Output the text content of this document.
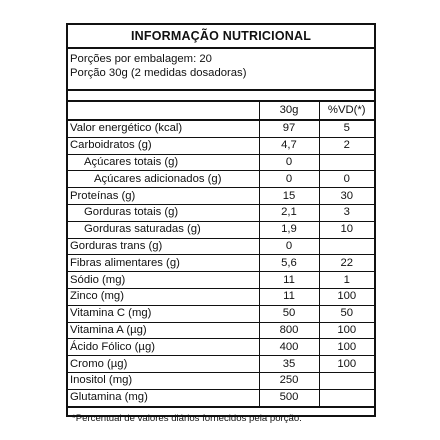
INFORMAÇÃO NUTRICIONAL
Porções por embalagem: 20
Porção 30g (2 medidas dosadoras)
	30g	%VD(*)
Valor energético (kcal)	97	5
Carboidratos (g)	4,7	2
Açúcares totais (g)	0	
Açúcares adicionados (g)	0	0
Proteínas (g)	15	30
Gorduras totais (g)	2,1	3
Gorduras saturadas (g)	1,9	10
Gorduras trans (g)	0	
Fibras alimentares (g)	5,6	22
Sódio (mg)	11	1
Zinco (mg)	11	100
Vitamina C (mg)	50	50
Vitamina A (µg)	800	100
Ácido Fólico (µg)	400	100
Cromo (µg)	35	100
Inositol (mg)	250	
Glutamina (mg)	500	
*Percentual de valores diários fornecidos pela porção.
